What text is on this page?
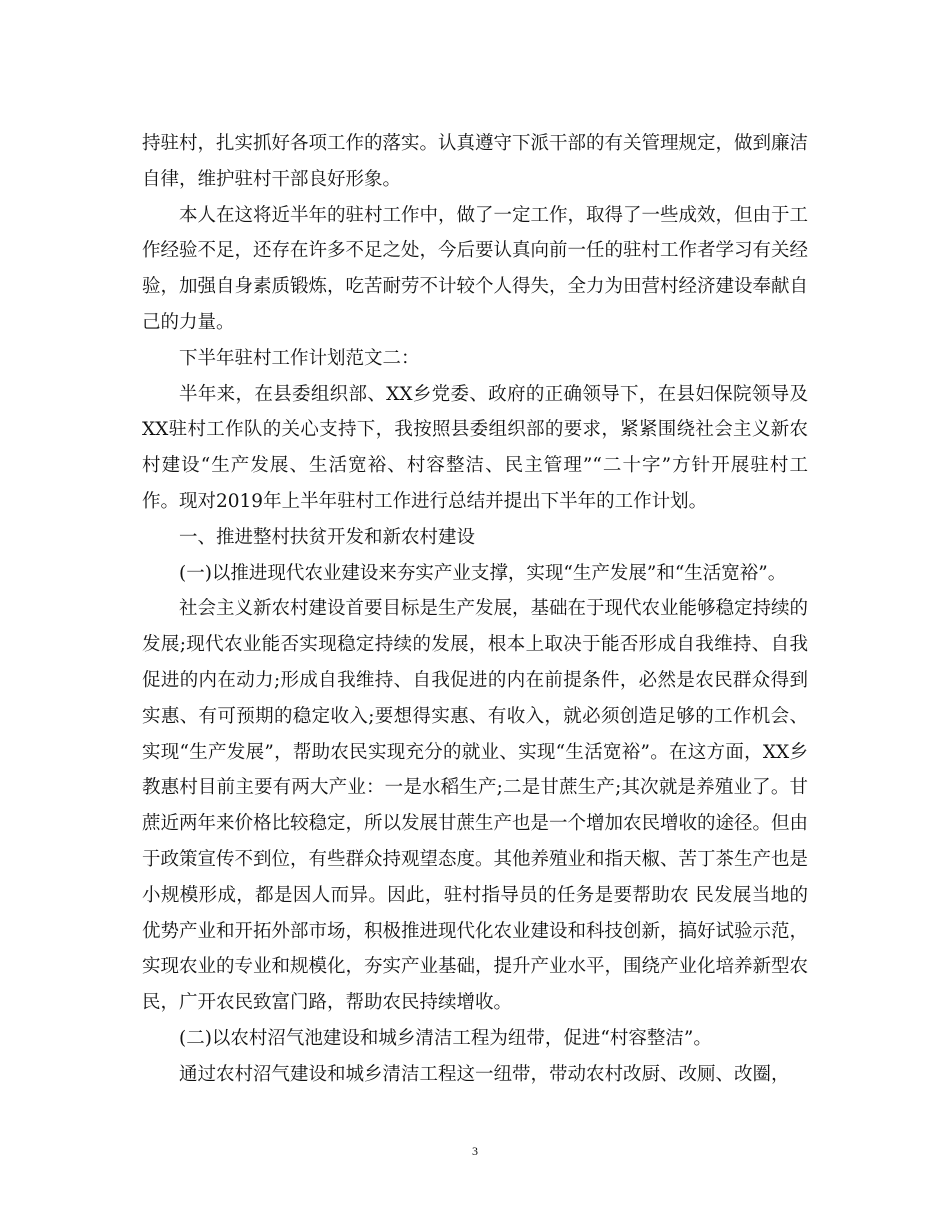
持驻村，扎实抓好各项工作的落实。认真遵守下派干部的有关管理规定，做到廉洁自律，维护驻村干部良好形象。

本人在这将近半年的驻村工作中，做了一定工作，取得了一些成效，但由于工作经验不足，还存在许多不足之处，今后要认真向前一任的驻村工作者学习有关经验，加强自身素质锻炼，吃苦耐劳不计较个人得失，全力为田营村经济建设奉献自己的力量。

下半年驻村工作计划范文二：

半年来，在县委组织部、XX乡党委、政府的正确领导下，在县妇保院领导及XX驻村工作队的关心支持下，我按照县委组织部的要求，紧紧围绕社会主义新农村建设“生产发展、生活宽裕、村容整洁、民主管理”“二十字”方针开展驻村工作。现对2019年上半年驻村工作进行总结并提出下半年的工作计划。

一、推进整村扶贫开发和新农村建设

(一)以推进现代农业建设来夯实产业支撑，实现“生产发展”和“生活宽裕”。

社会主义新农村建设首要目标是生产发展，基础在于现代农业能够稳定持续的发展;现代农业能否实现稳定持续的发展，根本上取决于能否形成自我维持、自我促进的内在动力;形成自我维持、自我促进的内在前提条件，必然是农民群众得到实惠、有可预期的稳定收入;要想得实惠、有收入，就必须创造足够的工作机会、实现“生产发展”，帮助农民实现充分的就业、实现“生活宽裕”。在这方面，XX乡教惠村目前主要有两大产业：一是水稻生产;二是甘蔗生产;其次就是养殖业了。甘蔗近两年来价格比较稳定，所以发展甘蔗生产也是一个增加农民增收的途径。但由于政策宣传不到位，有些群众持观望态度。其他养殖业和指天椒、苦丁茶生产也是小规模形成，都是因人而异。因此，驻村指导员的任务是要帮助农 民发展当地的优势产业和开拓外部市场，积极推进现代化农业建设和科技创新，搞好试验示范，实现农业的专业和规模化，夯实产业基础，提升产业水平，围绕产业化培养新型农民，广开农民致富门路，帮助农民持续增收。

(二)以农村沼气池建设和城乡清洁工程为纽带，促进“村容整洁”。

通过农村沼气建设和城乡清洁工程这一纽带，带动农村改厨、改厕、改圈，

3
